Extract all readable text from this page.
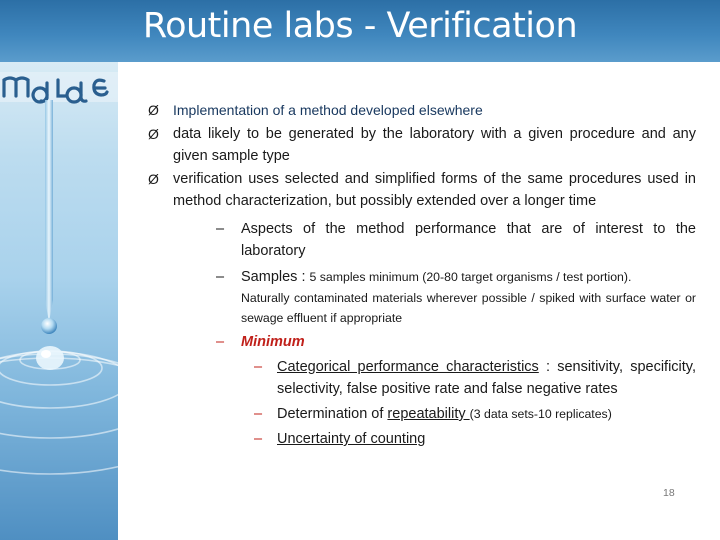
Routine labs - Verification
Ø Implementation of a method developed elsewhere
Ø data likely to be generated by the laboratory with a given procedure and any given sample type
Ø verification uses selected and simplified forms of the same procedures used in method characterization, but possibly extended over a longer time
– Aspects of the method performance that are of interest to the laboratory
– Samples : 5 samples minimum (20-80 target organisms / test portion).
Naturally contaminated materials wherever possible / spiked with surface water or sewage effluent if appropriate
– Minimum
– Categorical performance characteristics : sensitivity, specificity, selectivity, false positive rate and false negative rates
– Determination of repeatability (3 data sets-10 replicates)
– Uncertainty of counting
18
